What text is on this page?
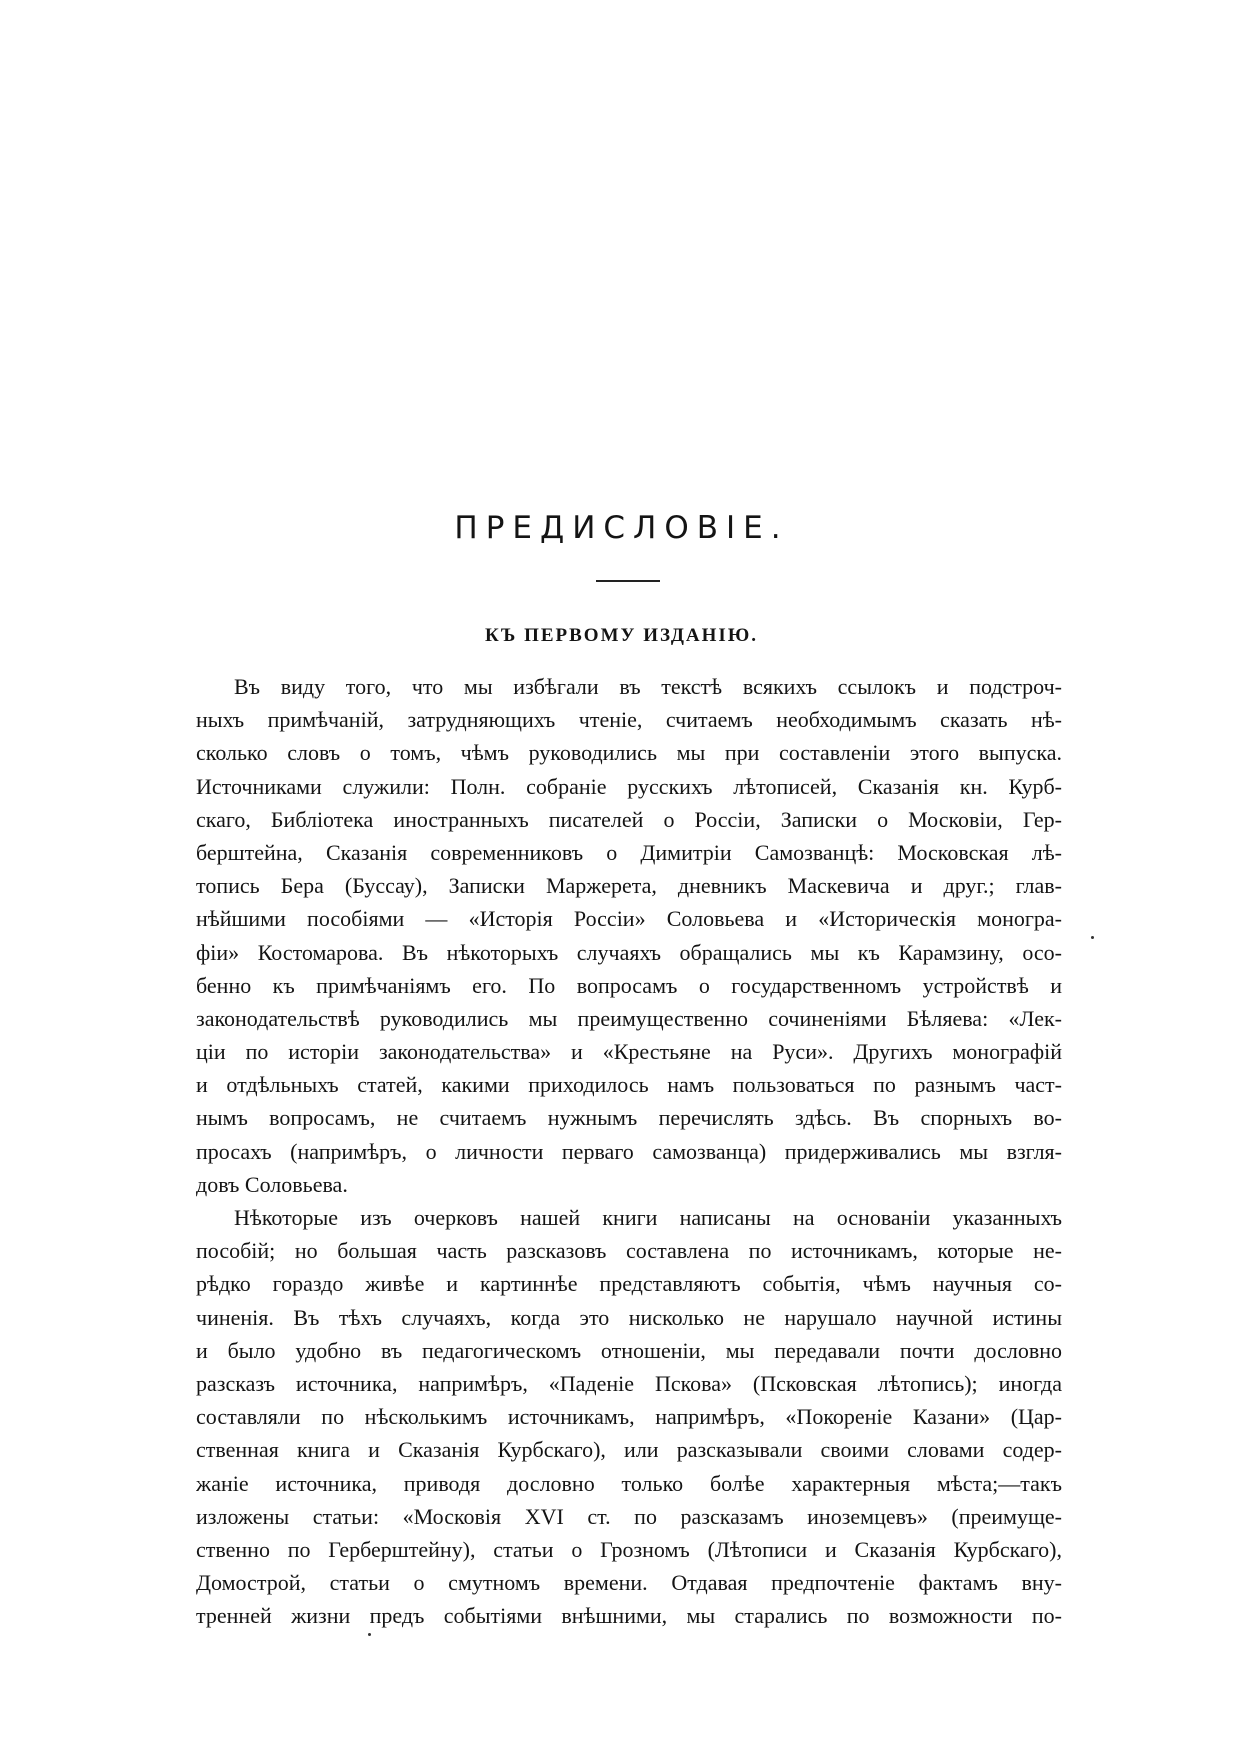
ПРЕДИСЛОВІЕ.
КЪ ПЕРВОМУ ИЗДАНІЮ.
Въ виду того, что мы избѣгали въ текстѣ всякихъ ссылокъ и подстроч-
ныхъ примѣчаній, затрудняющихъ чтеніе, считаемъ необходимымъ сказать нѣ-
сколько словъ о томъ, чѣмъ руководились мы при составленіи этого выпуска.
Источниками служили: Полн. собраніе русскихъ лѣтописей, Сказанія кн. Курб-
скаго, Библіотека иностранныхъ писателей о Россіи, Записки о Московіи, Гер-
берштейна, Сказанія современниковъ о Димитріи Самозванцѣ: Московская лѣ-
топись Бера (Буссау), Записки Маржерета, дневникъ Маскевича и друг.; глав-
нѣйшими пособіями — «Исторія Россіи» Соловьева и «Историческія моногра-
фіи» Костомарова. Въ нѣкоторыхъ случаяхъ обращались мы къ Карамзину, осо-
бенно къ примѣчаніямъ его. По вопросамъ о государственномъ устройствѣ и
законодательствѣ руководились мы преимущественно сочиненіями Бѣляева: «Лек-
ціи по исторіи законодательства» и «Крестьяне на Руси». Другихъ монографій
и отдѣльныхъ статей, какими приходилось намъ пользоваться по разнымъ част-
нымъ вопросамъ, не считаемъ нужнымъ перечислять здѣсь. Въ спорныхъ во-
просахъ (напримѣръ, о личности перваго самозванца) придерживались мы взгля-
довъ Соловьева.
Нѣкоторые изъ очерковъ нашей книги написаны на основаніи указанныхъ
пособій; но большая часть разсказовъ составлена по источникамъ, которые не-
рѣдко гораздо живѣе и картиннѣе представляютъ событія, чѣмъ научныя со-
чиненія. Въ тѣхъ случаяхъ, когда это нисколько не нарушало научной истины
и было удобно въ педагогическомъ отношеніи, мы передавали почти дословно
разсказъ источника, напримѣръ, «Паденіе Пскова» (Псковская лѣтопись); иногда
составляли по нѣсколькимъ источникамъ, напримѣръ, «Покореніе Казани» (Цар-
ственная книга и Сказанія Курбскаго), или разсказывали своими словами содер-
жаніе источника, приводя дословно только болѣе характерныя мѣста;—такъ
изложены статьи: «Московія XVI ст. по разсказамъ иноземцевъ» (преимуще-
ственно по Герберштейну), статьи о Грозномъ (Лѣтописи и Сказанія Курбскаго),
Домострой, статьи о смутномъ времени. Отдавая предпочтеніе фактамъ вну-
тренней жизни предъ событіями внѣшними, мы старались по возможности по-
